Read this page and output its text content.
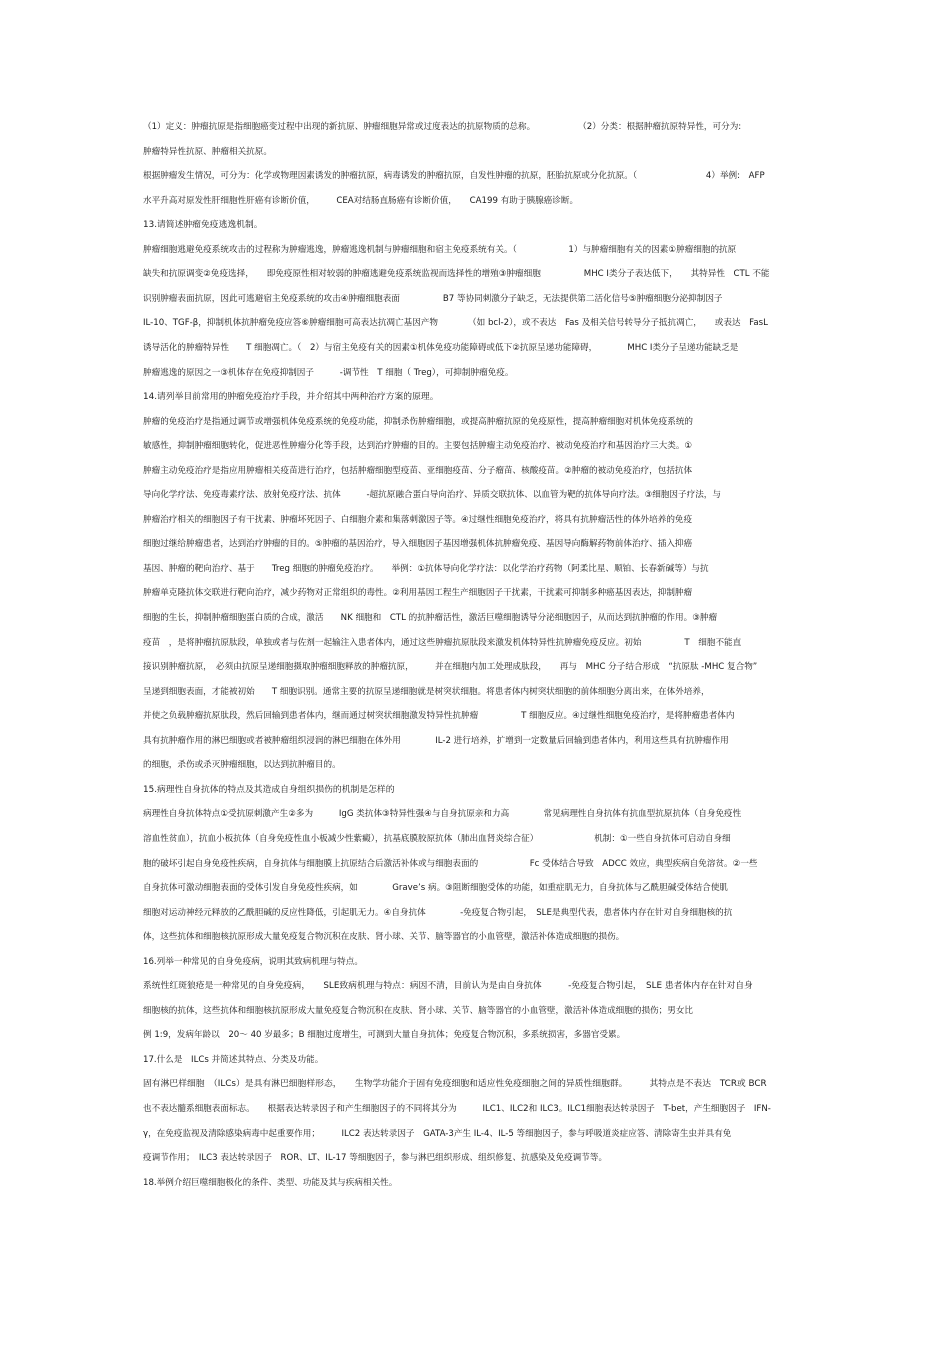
（1）定义：肿瘤抗原是指细胞癌变过程中出现的新抗原、肿瘤细胞异常或过度表达的抗原物质的总称。　　　　　　（2）分类：根据肿瘤抗原特异性，可分为:
肿瘤特异性抗原、肿瘤相关抗原。
根据肿瘤发生情况，可分为：化学或物理因素诱发的肿瘤抗原，病毒诱发的肿瘤抗原，自发性肿瘤的抗原，胚胎抗原或分化抗原。（　　　　　　　　4）举例:　AFP
水平升高对原发性肝细胞性肝癌有诊断价值，　　　CEA对结肠直肠癌有诊断价值，　　CA199 有助于胰腺癌诊断。
13.请简述肿瘤免疫逃逸机制。
肿瘤细胞逃避免疫系统攻击的过程称为肿瘤逃逸，肿瘤逃逸机制与肿瘤细胞和宿主免疫系统有关。（　　　　　　1）与肿瘤细胞有关的因素①肿瘤细胞的抗原
缺失和抗原调变②免疫选择，　　即免疫原性相对较弱的肿瘤逃避免疫系统监视而选择性的增殖③肿瘤细胞　　　　　MHC Ⅰ类分子表达低下，　　其特异性　CTL 不能
识别肿瘤表面抗原，因此可逃避宿主免疫系统的攻击④肿瘤细胞表面　　　　　B7 等协同刺激分子缺乏，无法提供第二活化信号⑤肿瘤细胞分泌抑制因子
IL-10、TGF-β，抑制机体抗肿瘤免疫应答⑥肿瘤细胞可高表达抗凋亡基因产物　　　　（如 bcl-2），或不表达　Fas 及相关信号转导分子抵抗凋亡，　　或表达　FasL
诱导活化的肿瘤特异性　　T 细胞凋亡。（　2）与宿主免疫有关的因素①机体免疫功能障碍或低下②抗原呈递功能障碍，　　　　MHC Ⅰ类分子呈递功能缺乏是
肿瘤逃逸的原因之一③机体存在免疫抑制因子　　　-调节性　T 细胞（ Treg），可抑制肿瘤免疫。
14.请列举目前常用的肿瘤免疫治疗手段，并介绍其中两种治疗方案的原理。
肿瘤的免疫治疗是指通过调节或增强机体免疫系统的免疫功能，抑制杀伤肿瘤细胞，或提高肿瘤抗原的免疫原性，提高肿瘤细胞对机体免疫系统的
敏感性，抑制肿瘤细胞转化，促进恶性肿瘤分化等手段，达到治疗肿瘤的目的。主要包括肿瘤主动免疫治疗、被动免疫治疗和基因治疗三大类。①
肿瘤主动免疫治疗是指应用肿瘤相关疫苗进行治疗，包括肿瘤细胞型疫苗、亚细胞疫苗、分子瘤苗、核酸疫苗。②肿瘤的被动免疫治疗，包括抗体
导向化学疗法、免疫毒素疗法、放射免疫疗法、抗体　　　-超抗原融合蛋白导向治疗、异质交联抗体、以血管为靶的抗体导向疗法。③细胞因子疗法，与
肿瘤治疗相关的细胞因子有干扰素、肿瘤坏死因子、白细胞介素和集落刺激因子等。④过继性细胞免疫治疗，将具有抗肿瘤活性的体外培养的免疫
细胞过继给肿瘤患者，达到治疗肿瘤的目的。⑤肿瘤的基因治疗，导入细胞因子基因增强机体抗肿瘤免疫、基因导向酶解药物前体治疗、插入抑癌
基因、肿瘤的靶向治疗、基于　　Treg 细胞的肿瘤免疫治疗。　　举例：①抗体导向化学疗法：以化学治疗药物（阿柔比星、顺铂、长春新碱等）与抗
肿瘤单克隆抗体交联进行靶向治疗，减少药物对正常组织的毒性。②利用基因工程生产细胞因子干扰素，干扰素可抑制多种癌基因表达，抑制肿瘤
细胞的生长，抑制肿瘤细胞蛋白质的合成，激活　　NK 细胞和　CTL 的抗肿瘤活性，激活巨噬细胞诱导分泌细胞因子，从而达到抗肿瘤的作用。③肿瘤
疫苗　，是将肿瘤抗原肽段，单独或者与佐剂一起输注入患者体内，通过这些肿瘤抗原肽段来激发机体特异性抗肿瘤免疫反应。初始　　　　　T　细胞不能直
接识别肿瘤抗原，　必须由抗原呈递细胞摄取肿瘤细胞释放的肿瘤抗原，　　　并在细胞内加工处理成肽段，　　再与　MHC 分子结合形成　“抗原肽 -MHC 复合物”
呈递到细胞表面，才能被初始　　T 细胞识别。通常主要的抗原呈递细胞就是树突状细胞。将患者体内树突状细胞的前体细胞分离出来，在体外培养，
并使之负载肿瘤抗原肽段，然后回输到患者体内，继而通过树突状细胞激发特异性抗肿瘤　　　　　T 细胞反应。④过继性细胞免疫治疗，是将肿瘤患者体内
具有抗肿瘤作用的淋巴细胞或者被肿瘤组织浸润的淋巴细胞在体外用　　　　IL-2 进行培养，扩增到一定数量后回输到患者体内，利用这些具有抗肿瘤作用
的细胞，杀伤或杀灭肿瘤细胞，以达到抗肿瘤目的。
15.病理性自身抗体的特点及其造成自身组织损伤的机制是怎样的
病理性自身抗体特点①受抗原刺激产生②多为　　　IgG 类抗体③特异性强④与自身抗原亲和力高　　　　常见病理性自身抗体有抗血型抗原抗体（自身免疫性
溶血性贫血），抗血小板抗体（自身免疫性血小板减少性紫癜），抗基底膜胶原抗体（肺出血肾炎综合征）　　　　　　　机制：①一些自身抗体可启动自身细
胞的破坏引起自身免疫性疾病，自身抗体与细胞膜上抗原结合后激活补体或与细胞表面的　　　　　　Fc 受体结合导致　ADCC 效应，典型疾病自免溶贫。②一些
自身抗体可激动细胞表面的受体引发自身免疫性疾病，如　　　　Grave’s 病。③阻断细胞受体的功能，如重症肌无力，自身抗体与乙酰胆碱受体结合使肌
细胞对运动神经元释放的乙酰胆碱的反应性降低，引起肌无力。④自身抗体　　　　-免疫复合物引起，　SLE是典型代表，患者体内存在针对自身细胞核的抗
体，这些抗体和细胞核抗原形成大量免疫复合物沉积在皮肤、肾小球、关节、脑等器官的小血管壁，激活补体造成细胞的损伤。
16.列举一种常见的自身免疫病，说明其致病机理与特点。
系统性红斑狼疮是一种常见的自身免疫病，　　SLE致病机理与特点：病因不清，目前认为是由自身抗体　　　-免疫复合物引起，　SLE 患者体内存在针对自身
细胞核的抗体，这些抗体和细胞核抗原形成大量免疫复合物沉积在皮肤、肾小球、关节、脑等器官的小血管壁，激活补体造成细胞的损伤；男女比
例 1:9，发病年龄以　20～ 40 岁最多；B 细胞过度增生，可测到大量自身抗体；免疫复合物沉积，多系统损害，多器官受累。
17.什么是　ILCs 并简述其特点、分类及功能。
固有淋巴样细胞　（ILCs）是具有淋巴细胞样形态，　　生物学功能介于固有免疫细胞和适应性免疫细胞之间的异质性细胞群。　　　其特点是不表达　TCR或 BCR
也不表达髓系细胞表面标志。　　根据表达转录因子和产生细胞因子的不同将其分为　　　ILC1、ILC2和 ILC3。ILC1细胞表达转录因子　T-bet，产生细胞因子　IFN-
γ，在免疫监视及清除感染病毒中起重要作用；　　　ILC2 表达转录因子　GATA-3产生 IL-4、IL-5 等细胞因子，参与呼吸道炎症应答、清除寄生虫并具有免
疫调节作用；　ILC3 表达转录因子　ROR、LT、IL-17 等细胞因子，参与淋巴组织形成、组织修复、抗感染及免疫调节等。
18.举例介绍巨噬细胞极化的条件、类型、功能及其与疾病相关性。
